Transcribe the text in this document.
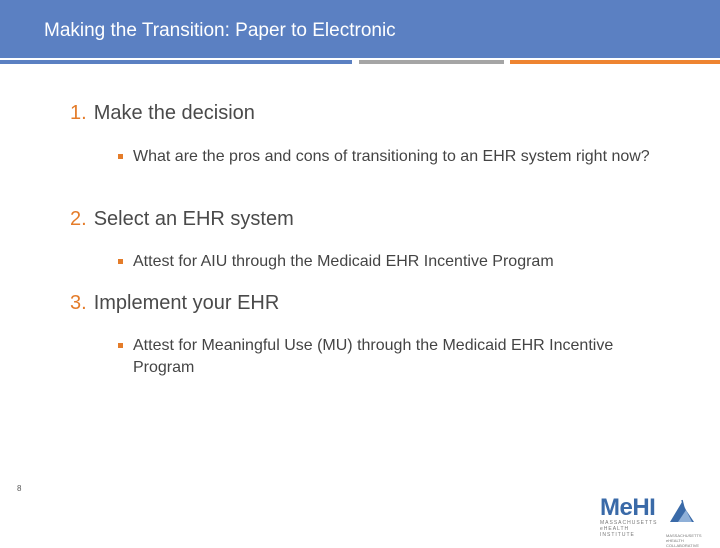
Making the Transition: Paper to Electronic
1. Make the decision
What are the pros and cons of transitioning to an EHR system right now?
2. Select an EHR system
Attest for AIU through the Medicaid EHR Incentive Program
3. Implement your EHR
Attest for Meaningful Use (MU) through the Medicaid EHR Incentive Program
8
MeHI
MASSACHUSETTS eHEALTH INSTITUTE	MASSACHUSETTS eHEALTH COLLABORATIVE
